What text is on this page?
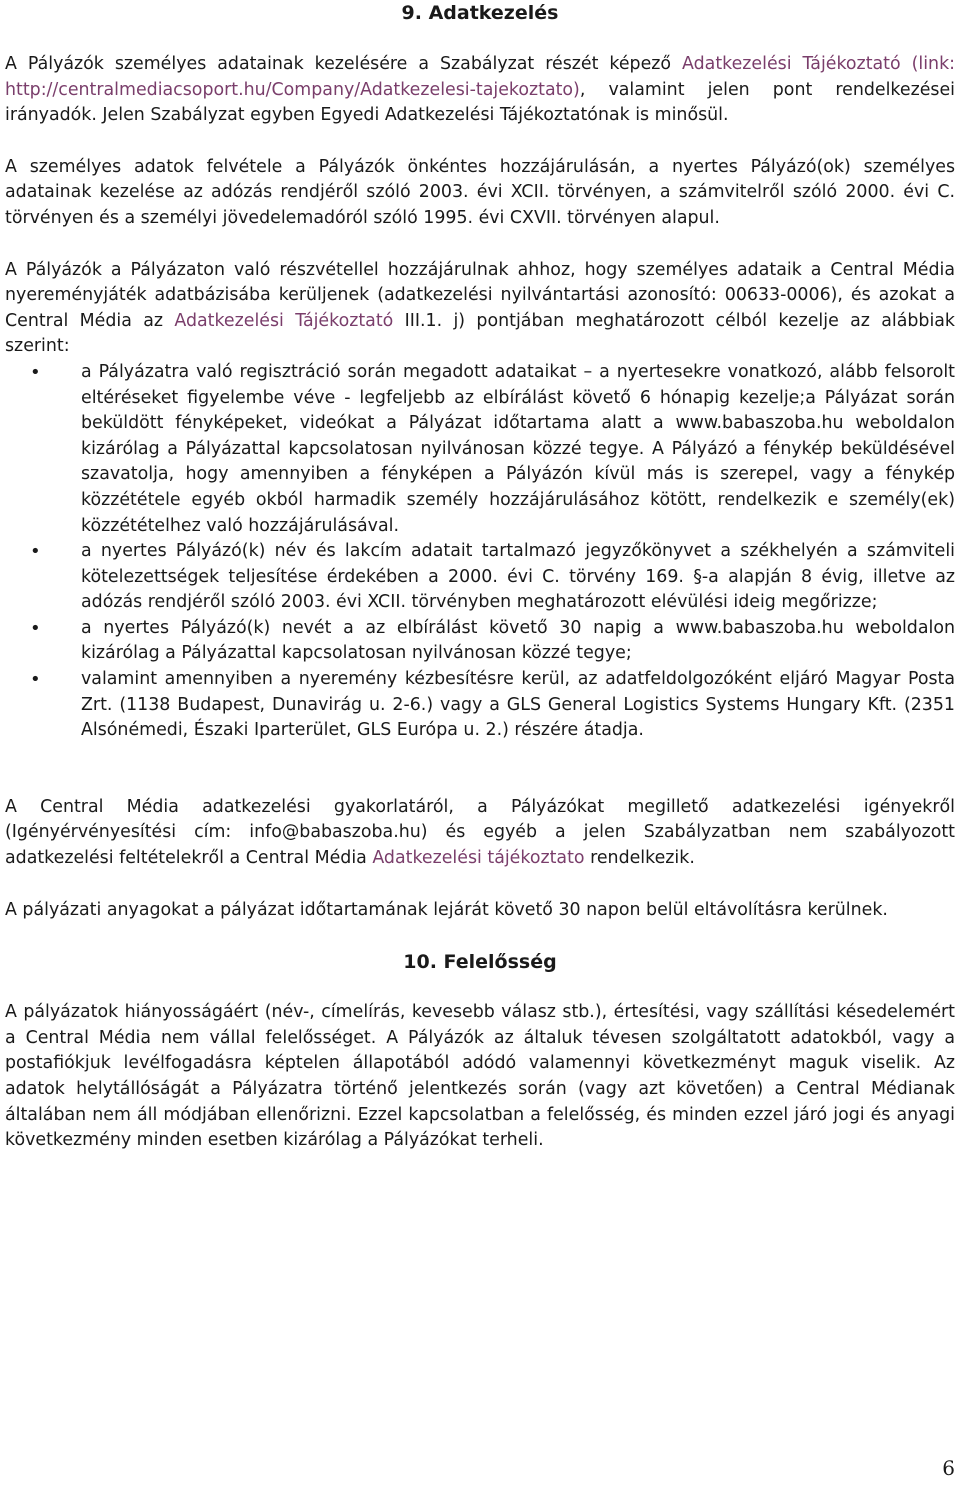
9. Adatkezelés

A Pályázók személyes adatainak kezelésére a Szabályzat részét képező Adatkezelési Tájékoztató (link: http://centralmediacsoport.hu/Company/Adatkezelesi-tajekoztato), valamint jelen pont rendelkezései irányadók. Jelen Szabályzat egyben Egyedi Adatkezelési Tájékoztatónak is minősül.

A személyes adatok felvétele a Pályázók önkéntes hozzájárulásán, a nyertes Pályázó(ok) személyes adatainak kezelése az adózás rendjéről szóló 2003. évi XCII. törvényen, a számvitelről szóló 2000. évi C. törvényen és a személyi jövedelemadóról szóló 1995. évi CXVII. törvényen alapul.

A Pályázók a Pályázaton való részvétellel hozzájárulnak ahhoz, hogy személyes adataik a Central Média nyereményjáték adatbázisába kerüljenek (adatkezelési nyilvántartási azonosító: 00633-0006), és azokat a Central Média az Adatkezelési Tájékoztató III.1. j) pontjában meghatározott célból kezelje az alábbiak szerint:

• a Pályázatra való regisztráció során megadott adataikat – a nyertesekre vonatkozó, alább felsorolt eltéréseket figyelembe véve - legfeljebb az elbírálást követő 6 hónapig kezelje;a Pályázat során beküldött fényképeket, videókat a Pályázat időtartama alatt a www.babaszoba.hu weboldalon kizárólag a Pályázattal kapcsolatosan nyilvánosan közzé tegye. A Pályázó a fénykép beküldésével szavatolja, hogy amennyiben a fényképen a Pályázón kívül más is szerepel, vagy a fénykép közzététele egyéb okból harmadik személy hozzájárulásához kötött, rendelkezik e személy(ek) közzétételhez való hozzájárulásával.
• a nyertes Pályázó(k) név és lakcím adatait tartalmazó jegyzőkönyvet a székhelyén a számviteli kötelezettségek teljesítése érdekében a 2000. évi C. törvény 169. §-a alapján 8 évig, illetve az adózás rendjéről szóló 2003. évi XCII. törvényben meghatározott elévülési ideig megőrizze;
• a nyertes Pályázó(k) nevét a az elbírálást követő 30 napig a www.babaszoba.hu weboldalon kizárólag a Pályázattal kapcsolatosan nyilvánosan közzé tegye;
• valamint amennyiben a nyeremény kézbesítésre kerül, az adatfeldolgozóként eljáró Magyar Posta Zrt. (1138 Budapest, Dunavirág u. 2-6.) vagy a GLS General Logistics Systems Hungary Kft. (2351 Alsónémedi, Északi Iparterület, GLS Európa u. 2.) részére átadja.

A Central Média adatkezelési gyakorlatáról, a Pályázókat megillető adatkezelési igényekről (Igényérvényesítési cím: info@babaszoba.hu) és egyéb a jelen Szabályzatban nem szabályozott adatkezelési feltételekről a Central Média Adatkezelési tájékoztato rendelkezik.

A pályázati anyagokat a pályázat időtartamának lejárát követő 30 napon belül eltávolításra kerülnek.

10. Felelősség

A pályázatok hiányosságáért (név-, címelírás, kevesebb válasz stb.), értesítési, vagy szállítási késedelemért a Central Média nem vállal felelősséget. A Pályázók az általuk tévesen szolgáltatott adatokból, vagy a postafiókjuk levélfogadásra képtelen állapotából adódó valamennyi következményt maguk viselik. Az adatok helytállóságát a Pályázatra történő jelentkezés során (vagy azt követően) a Central Médianak általában nem áll módjában ellenőrizni. Ezzel kapcsolatban a felelősség, és minden ezzel járó jogi és anyagi következmény minden esetben kizárólag a Pályázókat terheli.

6
